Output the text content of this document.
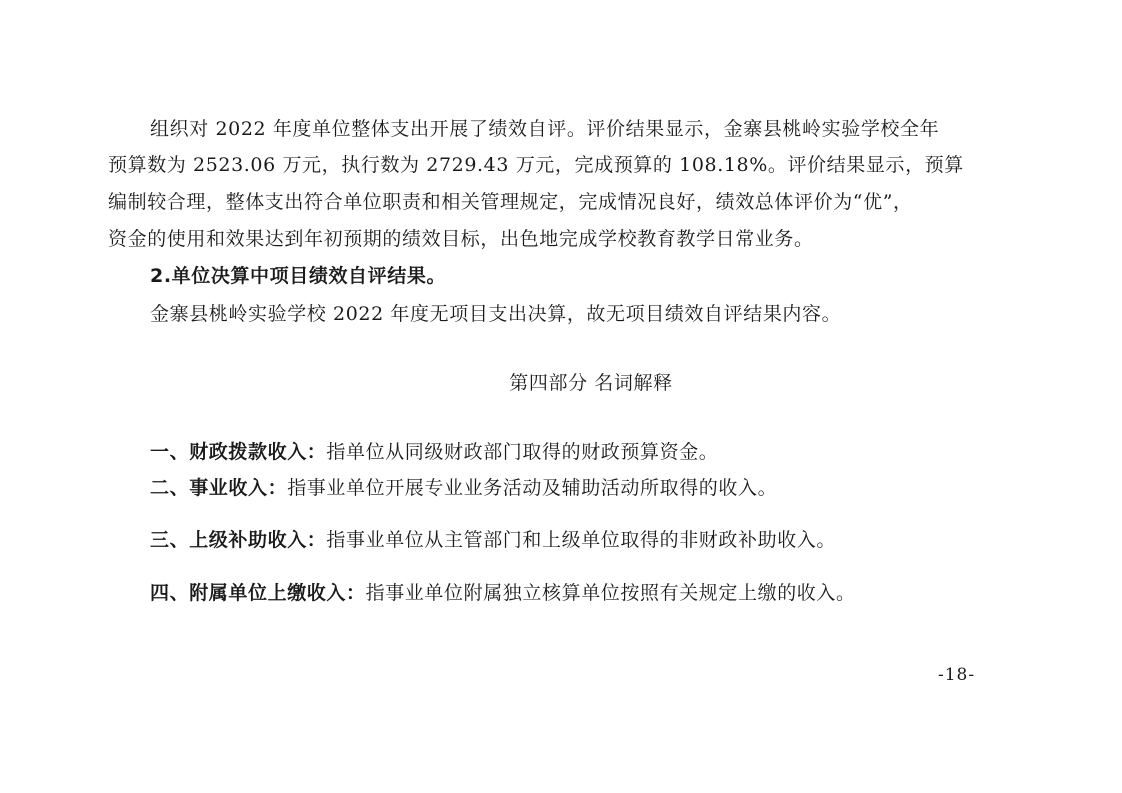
组织对 2022 年度单位整体支出开展了绩效自评。评价结果显示，金寨县桃岭实验学校全年
预算数为 2523.06 万元，执行数为 2729.43 万元，完成预算的 108.18%。评价结果显示，预算
编制较合理，整体支出符合单位职责和相关管理规定，完成情况良好，绩效总体评价为“优”，
资金的使用和效果达到年初预期的绩效目标，出色地完成学校教育教学日常业务。
2.单位决算中项目绩效自评结果。
金寨县桃岭实验学校 2022 年度无项目支出决算，故无项目绩效自评结果内容。
第四部分 名词解释
一、财政拨款收入：指单位从同级财政部门取得的财政预算资金。
二、事业收入：指事业单位开展专业业务活动及辅助活动所取得的收入。
三、上级补助收入：指事业单位从主管部门和上级单位取得的非财政补助收入。
四、附属单位上缴收入：指事业单位附属独立核算单位按照有关规定上缴的收入。
-18-
